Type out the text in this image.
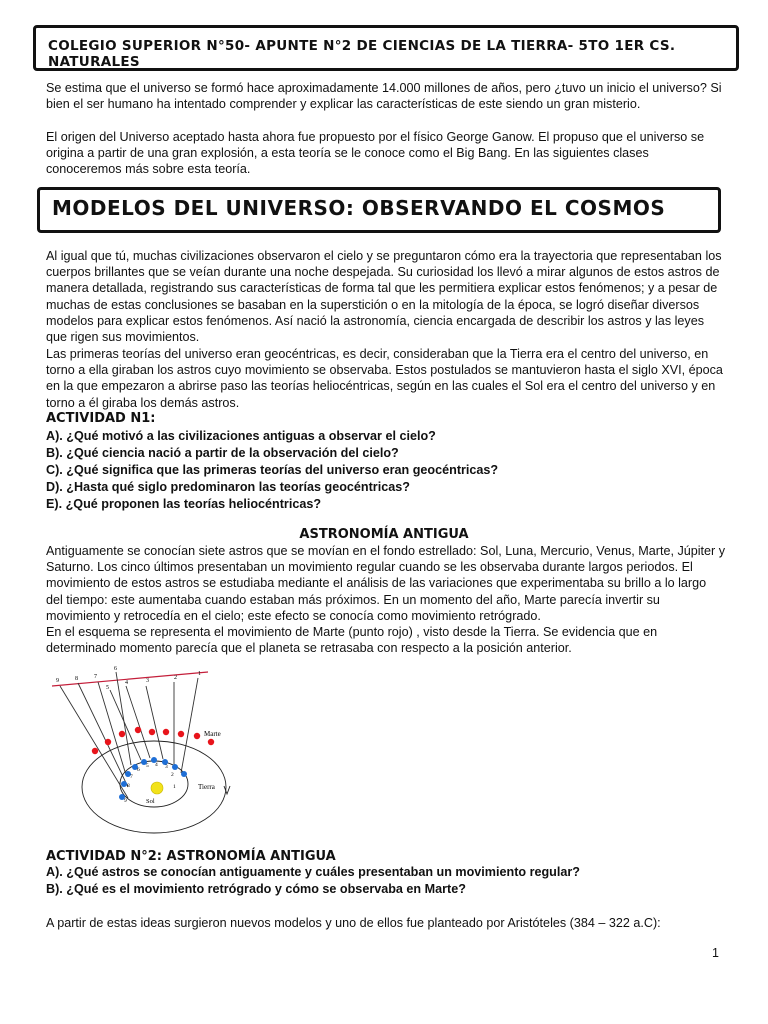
COLEGIO SUPERIOR N°50- APUNTE N°2 DE CIENCIAS DE LA TIERRA- 5TO 1ER CS. NATURALES

Se estima que el universo se formó hace aproximadamente 14.000 millones de años, pero ¿tuvo un inicio el universo? Si bien el ser humano ha intentado comprender y explicar las características de este siendo un gran misterio.

El origen del Universo aceptado hasta ahora fue propuesto por el físico George Ganow. El propuso que el universo se origina a partir de una gran explosión, a esta teoría se le conoce como el Big Bang. En las siguientes clases conoceremos más sobre esta teoría.

MODELOS DEL UNIVERSO: OBSERVANDO EL COSMOS

Al igual que tú, muchas civilizaciones observaron el cielo y se preguntaron cómo era la trayectoria que representaban los cuerpos brillantes que se veían durante una noche despejada. Su curiosidad los llevó a mirar algunos de estos astros de manera detallada, registrando sus características de forma tal que les permitiera explicar estos fenómenos; y a pesar de muchas de estas conclusiones se basaban en la superstición o en la mitología de la época, se logró diseñar diversos modelos para explicar estos fenómenos. Así nació la astronomía, ciencia encargada de describir los astros y las leyes que rigen sus movimientos.

Las primeras teorías del universo eran geocéntricas, es decir, consideraban que la Tierra era el centro del universo, en torno a ella giraban los astros cuyo movimiento se observaba. Estos postulados se mantuvieron hasta el siglo XVI, época en la que empezaron a abrirse paso las teorías heliocéntricas, según en las cuales el Sol era el centro del universo y en torno a él giraba los demás astros.

ACTIVIDAD N1:

A). ¿Qué motivó a las civilizaciones antiguas a observar el cielo?

B). ¿Qué ciencia nació a partir de la observación del cielo?

C). ¿Qué significa que las primeras teorías del universo eran geocéntricas?

D). ¿Hasta qué siglo predominaron las teorías geocéntricas?

E). ¿Qué proponen las teorías heliocéntricas?

ASTRONOMÍA ANTIGUA

Antiguamente se conocían siete astros que se movían en el fondo estrellado: Sol, Luna, Mercurio, Venus, Marte, Júpiter y Saturno. Los cinco últimos presentaban un movimiento regular cuando se les observaba durante largos periodos. El movimiento de estos astros se estudiaba mediante el análisis de las variaciones que experimentaba su brillo a lo largo del tiempo: este aumentaba cuando estaban más próximos. En un momento del año, Marte parecía invertir su movimiento y retrocedía en el cielo; este efecto se conocía como movimiento retrógrado.

En el esquema se representa el movimiento de Marte (punto rojo) , visto desde la Tierra. Se evidencia que en determinado momento parecía que el planeta se retrasaba con respecto a la posición anterior.

Marte
Tierra
Sol
9	8	7
6
5
4	3	2
1
9
8
7
6
5 4 3
2
1

ACTIVIDAD N°2: ASTRONOMÍA ANTIGUA

A). ¿Qué astros se conocían antiguamente y cuáles presentaban un movimiento regular?

B). ¿Qué es el movimiento retrógrado y cómo se observaba en Marte?

A partir de estas ideas surgieron nuevos modelos y uno de ellos fue planteado por Aristóteles (384 – 322 a.C):

1
